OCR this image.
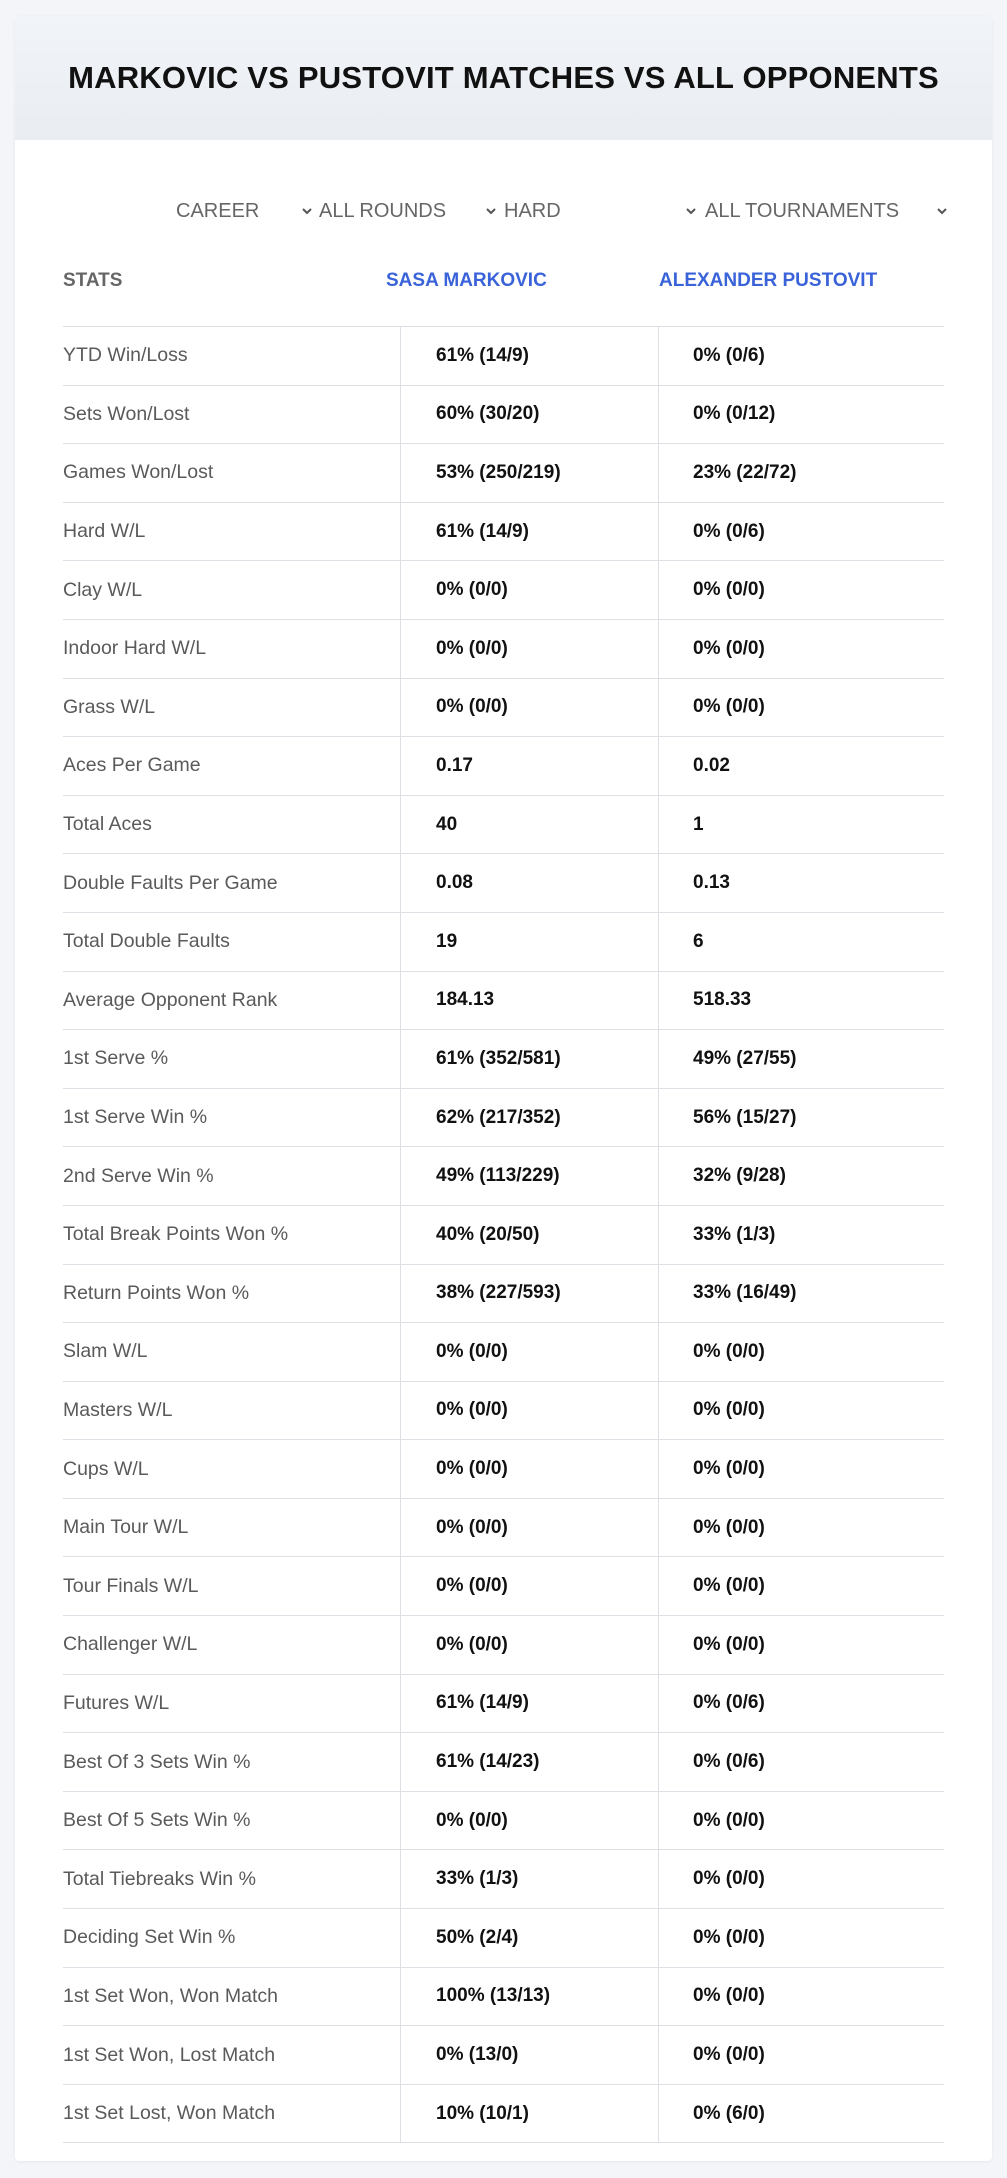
MARKOVIC VS PUSTOVIT MATCHES VS ALL OPPONENTS
CAREER	ALL ROUNDS	HARD	ALL TOURNAMENTS
STATS	SASA MARKOVIC	ALEXANDER PUSTOVIT
YTD Win/Loss	61% (14/9)	0% (0/6)
Sets Won/Lost	60% (30/20)	0% (0/12)
Games Won/Lost	53% (250/219)	23% (22/72)
Hard W/L	61% (14/9)	0% (0/6)
Clay W/L	0% (0/0)	0% (0/0)
Indoor Hard W/L	0% (0/0)	0% (0/0)
Grass W/L	0% (0/0)	0% (0/0)
Aces Per Game	0.17	0.02
Total Aces	40	1
Double Faults Per Game	0.08	0.13
Total Double Faults	19	6
Average Opponent Rank	184.13	518.33
1st Serve %	61% (352/581)	49% (27/55)
1st Serve Win %	62% (217/352)	56% (15/27)
2nd Serve Win %	49% (113/229)	32% (9/28)
Total Break Points Won %	40% (20/50)	33% (1/3)
Return Points Won %	38% (227/593)	33% (16/49)
Slam W/L	0% (0/0)	0% (0/0)
Masters W/L	0% (0/0)	0% (0/0)
Cups W/L	0% (0/0)	0% (0/0)
Main Tour W/L	0% (0/0)	0% (0/0)
Tour Finals W/L	0% (0/0)	0% (0/0)
Challenger W/L	0% (0/0)	0% (0/0)
Futures W/L	61% (14/9)	0% (0/6)
Best Of 3 Sets Win %	61% (14/23)	0% (0/6)
Best Of 5 Sets Win %	0% (0/0)	0% (0/0)
Total Tiebreaks Win %	33% (1/3)	0% (0/0)
Deciding Set Win %	50% (2/4)	0% (0/0)
1st Set Won, Won Match	100% (13/13)	0% (0/0)
1st Set Won, Lost Match	0% (13/0)	0% (0/0)
1st Set Lost, Won Match	10% (10/1)	0% (6/0)
